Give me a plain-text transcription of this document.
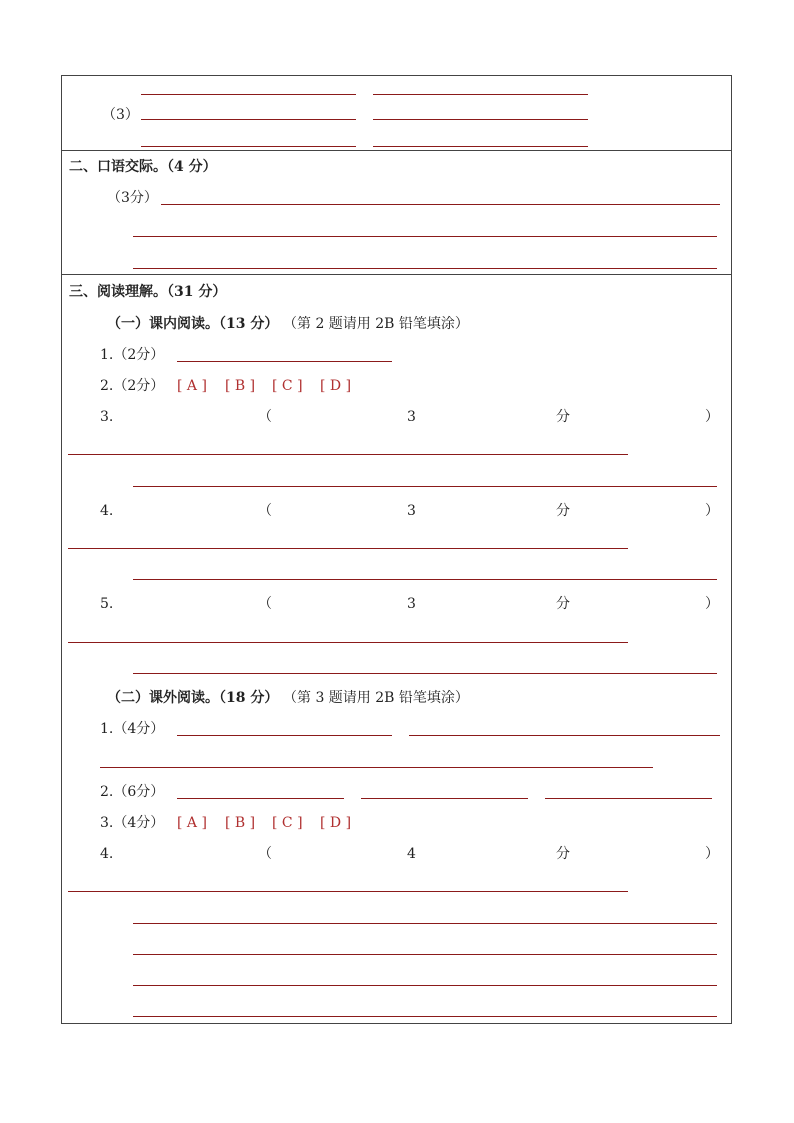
（3）
二、口语交际。（4 分）
（3分）
三、阅读理解。（31 分）
（一）课内阅读。（13 分） （第 2 题请用 2B 铅笔填涂）
1.（2分）
2.（2分） [ A ] [ B ] [ C ] [ D ]
3.	（	3	分	）
4.	（	3	分	）
5.	（	3	分	）
（二）课外阅读。（18 分） （第 3 题请用 2B 铅笔填涂）
1.（4分）
2.（6分）
3.（4分） [ A ] [ B ] [ C ] [ D ]
4.	（	4	分	）
